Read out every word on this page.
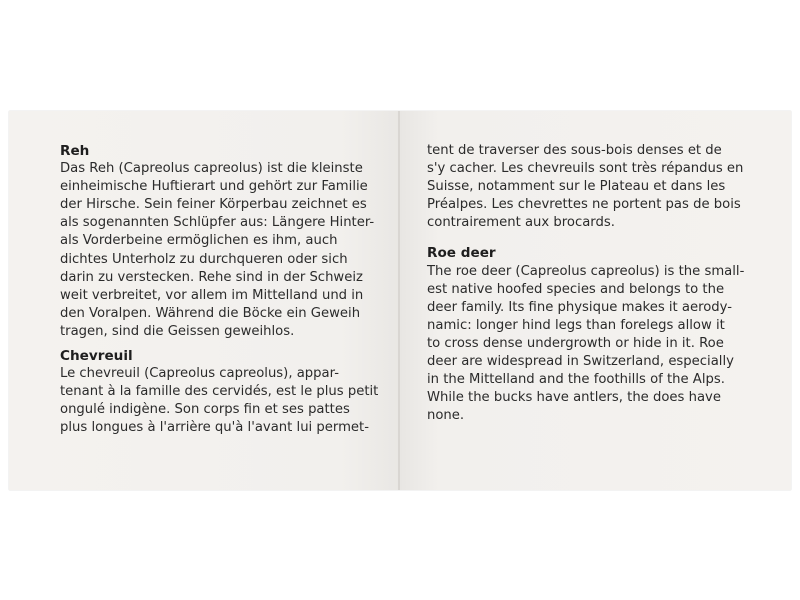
Reh

Das Reh (Capreolus capreolus) ist die kleinste
einheimische Huftierart und gehört zur Familie
der Hirsche. Sein feiner Körperbau zeichnet es
als sogenannten Schlüpfer aus: Längere Hinter-
als Vorderbeine ermöglichen es ihm, auch
dichtes Unterholz zu durchqueren oder sich
darin zu verstecken. Rehe sind in der Schweiz
weit verbreitet, vor allem im Mittelland und in
den Voralpen. Während die Böcke ein Geweih
tragen, sind die Geissen geweihlos.

Chevreuil

Le chevreuil (Capreolus capreolus), appar-
tenant à la famille des cervidés, est le plus petit
ongulé indigène. Son corps fin et ses pattes
plus longues à l'arrière qu'à l'avant lui permet-

tent de traverser des sous-bois denses et de
s'y cacher. Les chevreuils sont très répandus en
Suisse, notamment sur le Plateau et dans les
Préalpes. Les chevrettes ne portent pas de bois
contrairement aux brocards.

Roe deer

The roe deer (Capreolus capreolus) is the small-
est native hoofed species and belongs to the
deer family. Its fine physique makes it aerody-
namic: longer hind legs than forelegs allow it
to cross dense undergrowth or hide in it. Roe
deer are widespread in Switzerland, especially
in the Mittelland and the foothills of the Alps.
While the bucks have antlers, the does have
none.
